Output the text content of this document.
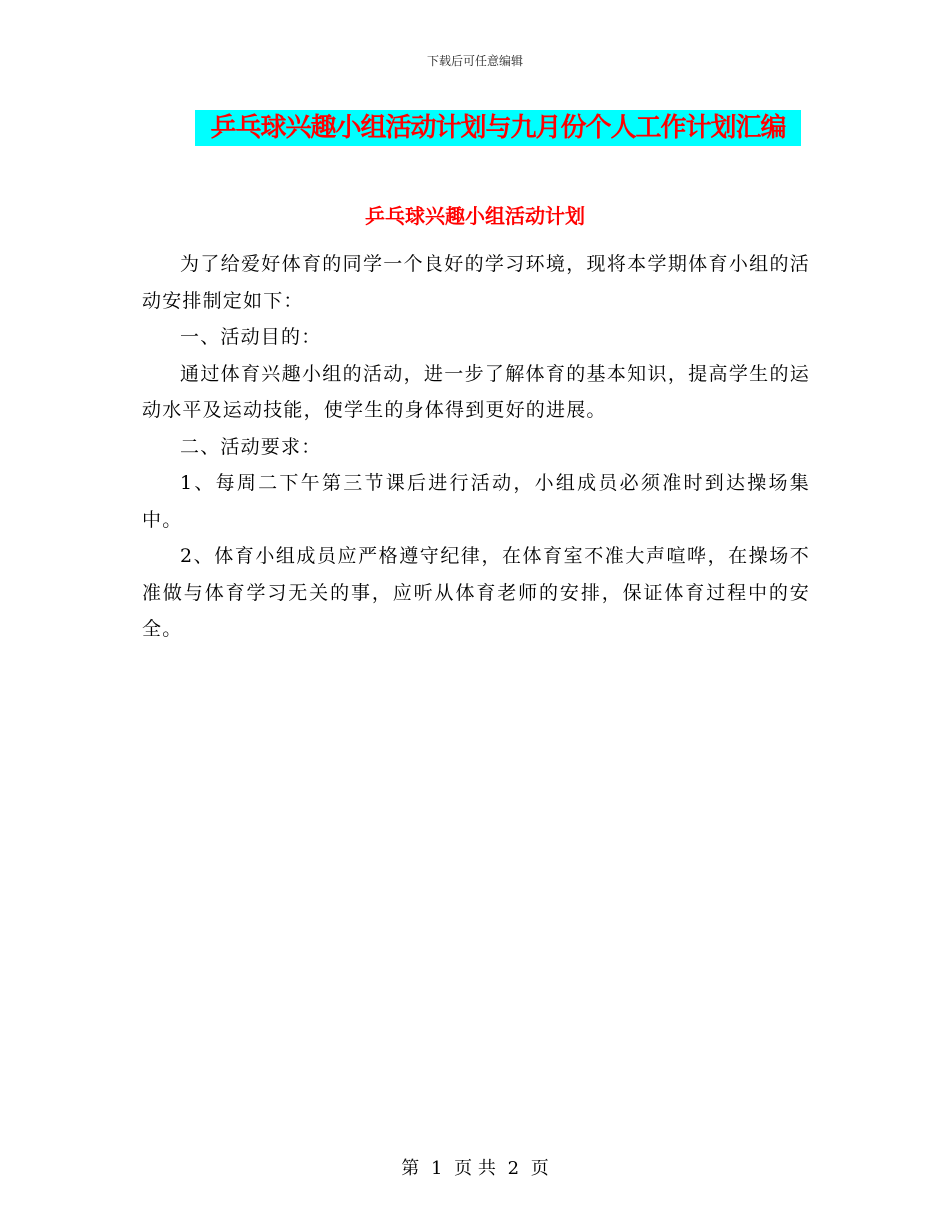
下载后可任意编辑
乒乓球兴趣小组活动计划与九月份个人工作计划汇编
乒乓球兴趣小组活动计划

为了给爱好体育的同学一个良好的学习环境，现将本学期体育小组的活动安排制定如下：

一、活动目的：

通过体育兴趣小组的活动，进一步了解体育的基本知识，提高学生的运动水平及运动技能，使学生的身体得到更好的进展。

二、活动要求：

1、每周二下午第三节课后进行活动，小组成员必须准时到达操场集中。

2、体育小组成员应严格遵守纪律，在体育室不准大声喧哗，在操场不准做与体育学习无关的事，应听从体育老师的安排，保证体育过程中的安全。

第 1 页 共 2 页
